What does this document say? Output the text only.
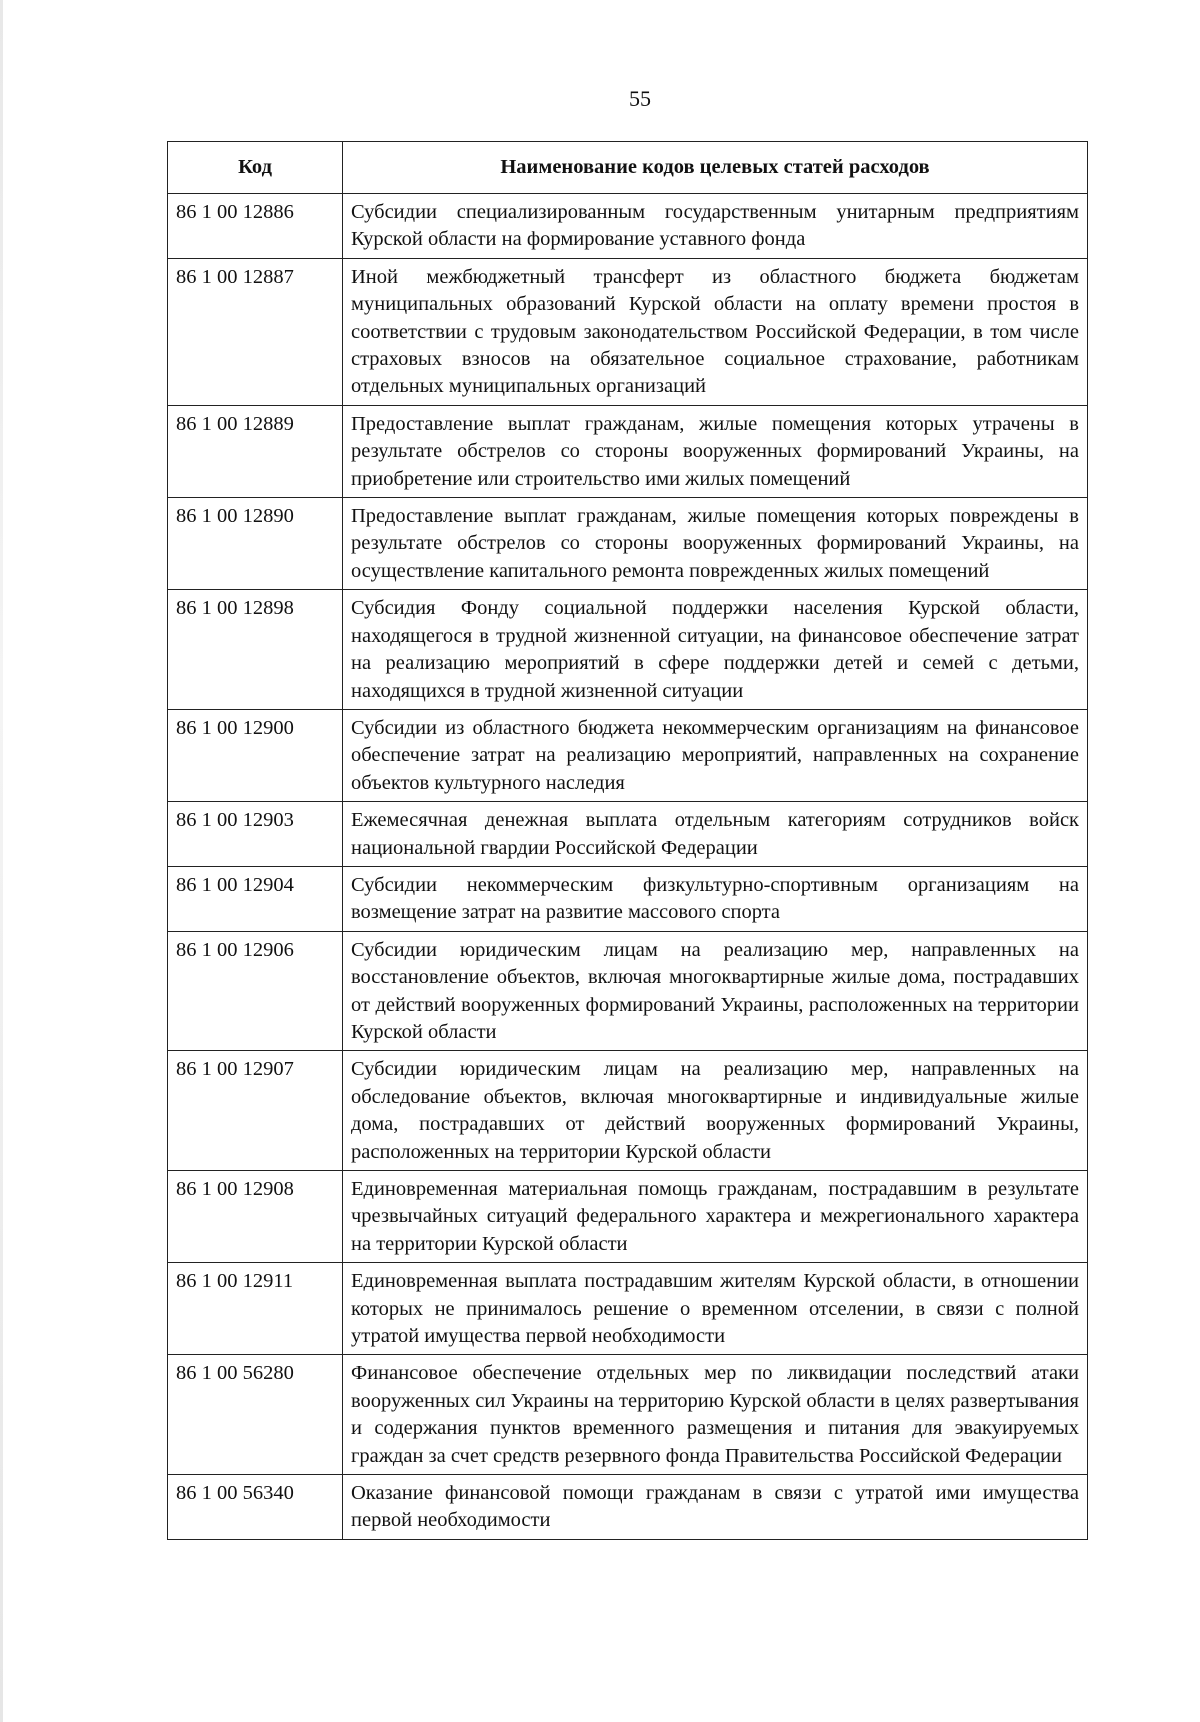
55
Код	Наименование кодов целевых статей расходов
86 1 00 12886	Субсидии специализированным государственным унитарным предприятиям Курской области на формирование уставного фонда
86 1 00 12887	Иной межбюджетный трансферт из областного бюджета бюджетам муниципальных образований Курской области на оплату времени простоя в соответствии с трудовым законодательством Российской Федерации, в том числе страховых взносов на обязательное социальное страхование, работникам отдельных муниципальных организаций
86 1 00 12889	Предоставление выплат гражданам, жилые помещения которых утрачены в результате обстрелов со стороны вооруженных формирований Украины, на приобретение или строительство ими жилых помещений
86 1 00 12890	Предоставление выплат гражданам, жилые помещения которых повреждены в результате обстрелов со стороны вооруженных формирований Украины, на осуществление капитального ремонта поврежденных жилых помещений
86 1 00 12898	Субсидия Фонду социальной поддержки населения Курской области, находящегося в трудной жизненной ситуации, на финансовое обеспечение затрат на реализацию мероприятий в сфере поддержки детей и семей с детьми, находящихся в трудной жизненной ситуации
86 1 00 12900	Субсидии из областного бюджета некоммерческим организациям на финансовое обеспечение затрат на реализацию мероприятий, направленных на сохранение объектов культурного наследия
86 1 00 12903	Ежемесячная денежная выплата отдельным категориям сотрудников войск национальной гвардии Российской Федерации
86 1 00 12904	Субсидии некоммерческим физкультурно-спортивным организациям на возмещение затрат на развитие массового спорта
86 1 00 12906	Субсидии юридическим лицам на реализацию мер, направленных на восстановление объектов, включая многоквартирные жилые дома, пострадавших от действий вооруженных формирований Украины, расположенных на территории Курской области
86 1 00 12907	Субсидии юридическим лицам на реализацию мер, направленных на обследование объектов, включая многоквартирные и индивидуальные жилые дома, пострадавших от действий вооруженных формирований Украины, расположенных на территории Курской области
86 1 00 12908	Единовременная материальная помощь гражданам, пострадавшим в результате чрезвычайных ситуаций федерального характера и межрегионального характера на территории Курской области
86 1 00 12911	Единовременная выплата пострадавшим жителям Курской области, в отношении которых не принималось решение о временном отселении, в связи с полной утратой имущества первой необходимости
86 1 00 56280	Финансовое обеспечение отдельных мер по ликвидации последствий атаки вооруженных сил Украины на территорию Курской области в целях развертывания и содержания пунктов временного размещения и питания для эвакуируемых граждан за счет средств резервного фонда Правительства Российской Федерации
86 1 00 56340	Оказание финансовой помощи гражданам в связи с утратой ими имущества первой необходимости
